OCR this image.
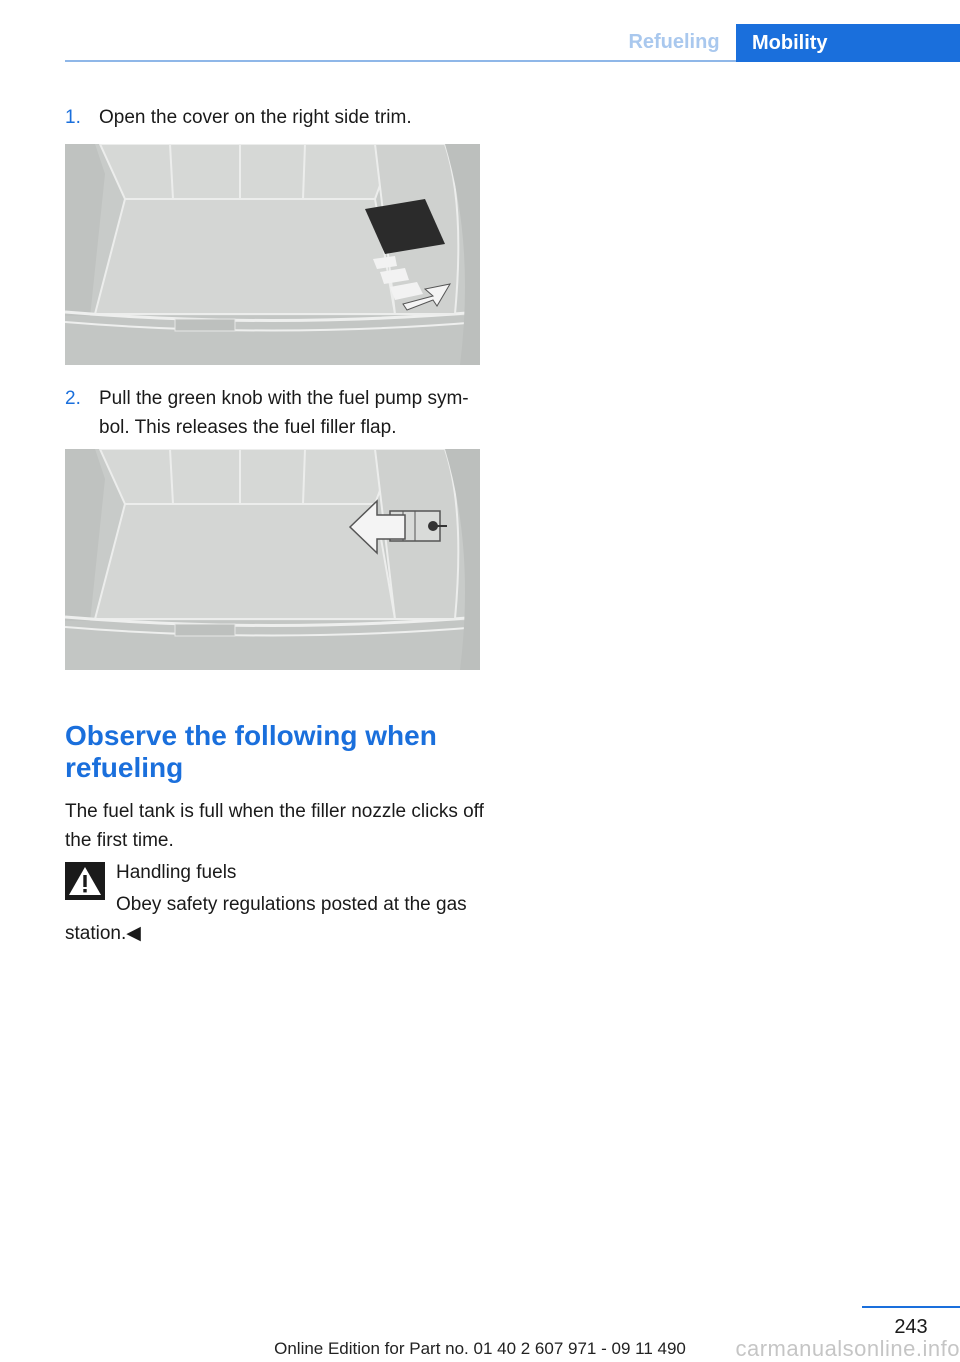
Refueling	Mobility
1. Open the cover on the right side trim.
2. Pull the green knob with the fuel pump sym‐bol. This releases the fuel filler flap.
Observe the following when refueling
The fuel tank is full when the filler nozzle clicks off the first time.
Handling fuels
Obey safety regulations posted at the gas station.◀
243
Online Edition for Part no. 01 40 2 607 971 - 09 11 490	carmanualsonline.info
